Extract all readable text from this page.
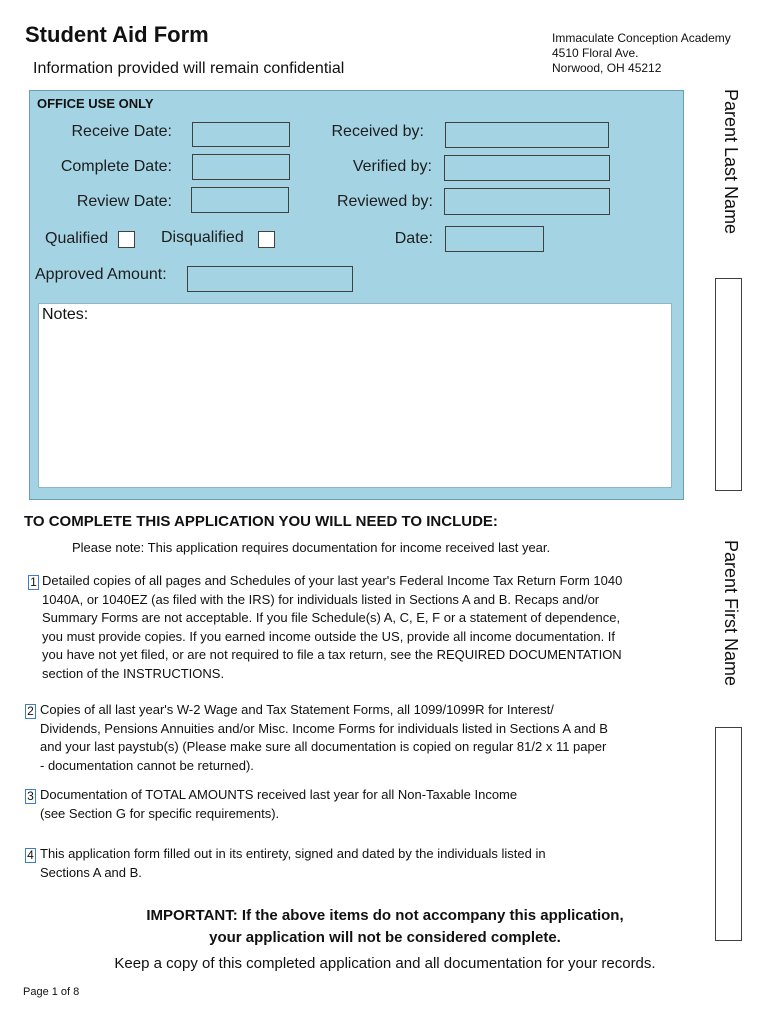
Student Aid Form
Information provided will remain confidential
Immaculate Conception Academy
4510 Floral Ave.
Norwood, OH 45212
OFFICE USE ONLY
Receive Date:
Complete Date:
Review Date:
Received by:
Verified by:
Reviewed by:
Qualified	Disqualified	Date:
Approved Amount:
Notes:
Parent Last Name
Parent First Name
TO COMPLETE THIS APPLICATION YOU WILL NEED TO INCLUDE:
Please note: This application requires documentation for income received last year.
1 Detailed copies of all pages and Schedules of your last year's Federal Income Tax Return Form 1040
1040A, or 1040EZ (as filed with the IRS) for individuals listed in Sections A and B. Recaps and/or
Summary Forms are not acceptable. If you file Schedule(s) A, C, E, F or a statement of dependence,
you must provide copies. If you earned income outside the US, provide all income documentation. If
you have not yet filed, or are not required to file a tax return, see the REQUIRED DOCUMENTATION
section of the INSTRUCTIONS.
2 Copies of all last year's W-2 Wage and Tax Statement Forms, all 1099/1099R for Interest/
Dividends, Pensions Annuities and/or Misc. Income Forms for individuals listed in Sections A and B
and your last paystub(s) (Please make sure all documentation is copied on regular 81/2 x 11 paper
- documentation cannot be returned).
3 Documentation of TOTAL AMOUNTS received last year for all Non-Taxable Income
(see Section G for specific requirements).
4 This application form filled out in its entirety, signed and dated by the individuals listed in
Sections A and B.
IMPORTANT: If the above items do not accompany this application,
your application will not be considered complete.
Keep a copy of this completed application and all documentation for your records.
Page 1 of 8
